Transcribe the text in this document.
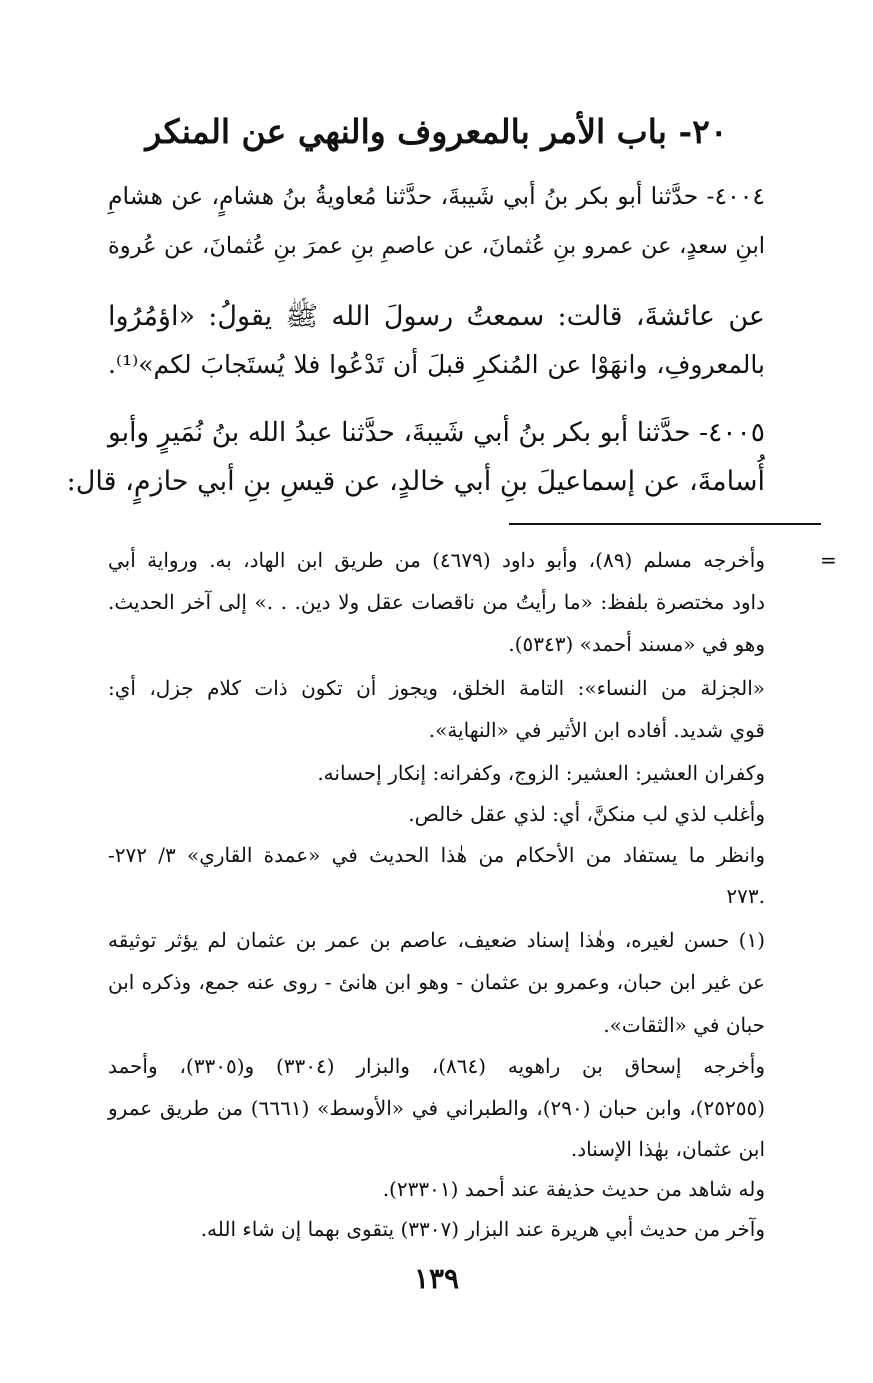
٢٠- باب الأمر بالمعروف والنهي عن المنكر
٤٠٠٤- حدَّثنا أبو بكر بنُ أبي شَيبةَ، حدَّثنا مُعاويةُ بنُ هشامٍ، عن هشامِ
ابنِ سعدٍ، عن عمرو بنِ عُثمانَ، عن عاصمِ بنِ عمرَ بنِ عُثمانَ، عن عُروة
عن عائشةَ، قالت: سمعتُ رسولَ الله ﷺ يقولُ: «اؤمُرُوا
بالمعروفِ، وانهَوْا عن المُنكرِ قبلَ أن تَدْعُوا فلا يُستَجابَ لكم»⁽¹⁾.
٤٠٠٥- حدَّثنا أبو بكر بنُ أبي شَيبةَ، حدَّثنا عبدُ الله بنُ نُمَيرٍ وأبو
أُسامةَ، عن إسماعيلَ بنِ أبي خالدٍ، عن قيسِ بنِ أبي حازمٍ، قال:
=
وأخرجه مسلم (٨٩)، وأبو داود (٤٦٧٩) من طريق ابن الهاد، به. ورواية أبي
داود مختصرة بلفظ: «ما رأيتُ من ناقصات عقل ولا دين. . .» إلى آخر الحديث.
وهو في «مسند أحمد» (٥٣٤٣).
«الجزلة من النساء»: التامة الخلق، ويجوز أن تكون ذات كلام جزل، أي:
قوي شديد. أفاده ابن الأثير في «النهاية».
وكفران العشير: العشير: الزوج، وكفرانه: إنكار إحسانه.
وأغلب لذي لب منكنَّ، أي: لذي عقل خالص.
وانظر ما يستفاد من الأحكام من هٰذا الحديث في «عمدة القاري» ٣/ ٢٧٢-
٢٧٣.
(١) حسن لغيره، وهٰذا إسناد ضعيف، عاصم بن عمر بن عثمان لم يؤثر توثيقه
عن غير ابن حبان، وعمرو بن عثمان - وهو ابن هانئ - روى عنه جمع، وذكره ابن
حبان في «الثقات».
وأخرجه إسحاق بن راهويه (٨٦٤)، والبزار (٣٣٠٤) و(٣٣٠٥)، وأحمد
(٢٥٢٥٥)، وابن حبان (٢٩٠)، والطبراني في «الأوسط» (٦٦٦١) من طريق عمرو
ابن عثمان، بهٰذا الإسناد.
وله شاهد من حديث حذيفة عند أحمد (٢٣٣٠١).
وآخر من حديث أبي هريرة عند البزار (٣٣٠٧) يتقوى بهما إن شاء الله.
١٣٩
